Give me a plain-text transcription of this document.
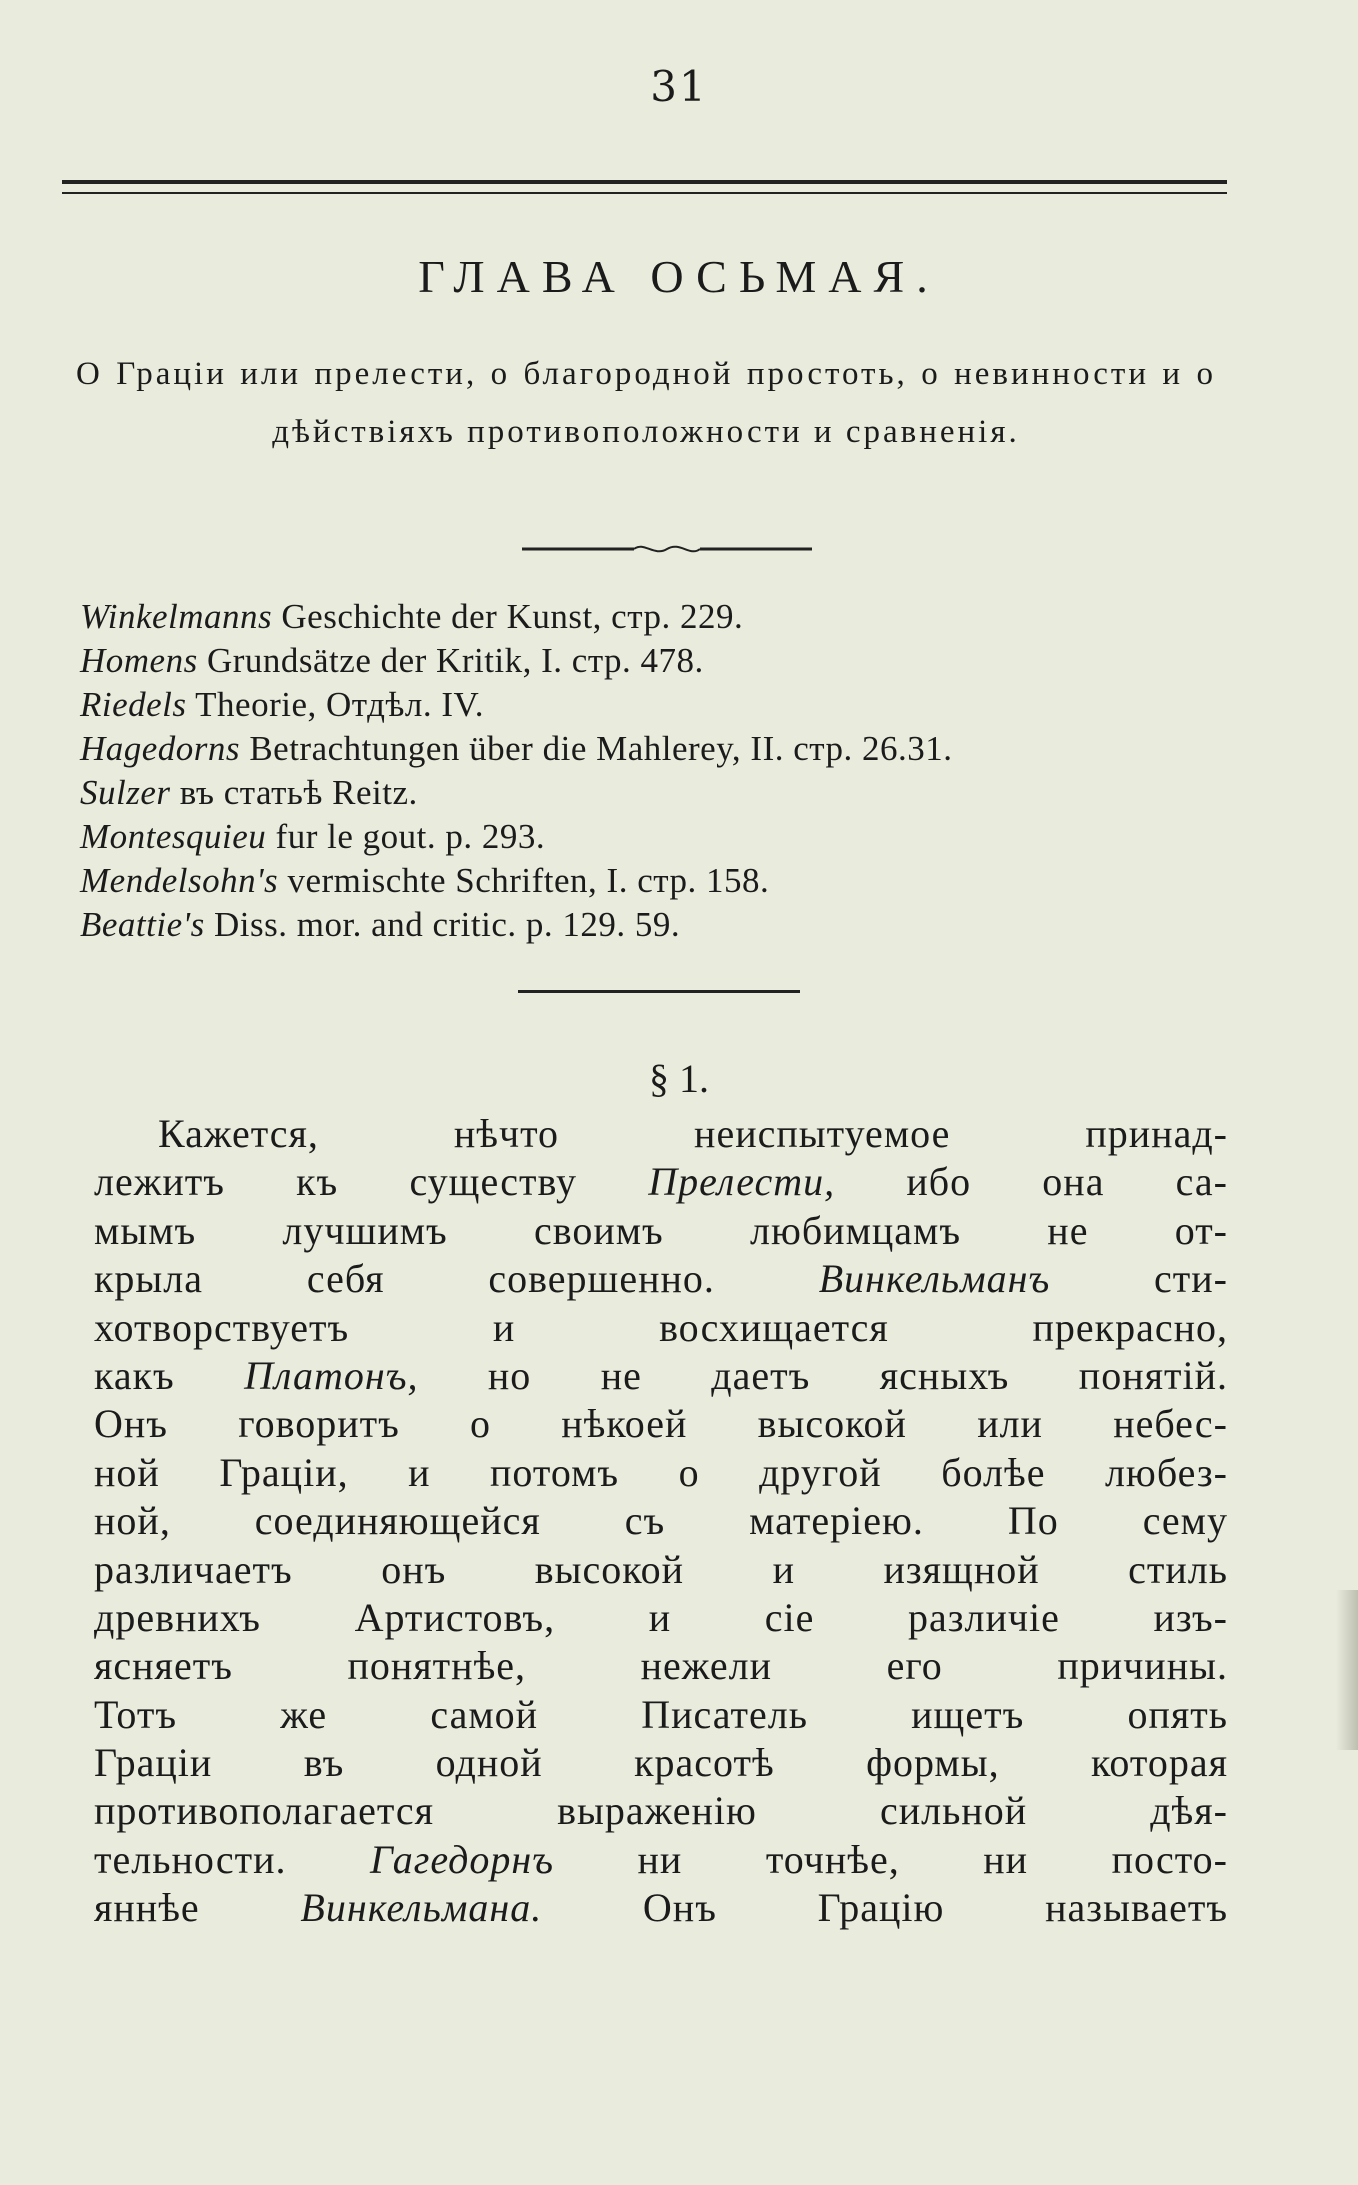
31
ГЛАВА ОСЬМАЯ.
О Граціи или прелести, о благородной простоть, о невинности и о дѣйствіяхъ противоположности и сравненія.
Winkelmanns Geschichte der Kunst, стр. 229.
Homens Grundsätze der Kritik, I. стр. 478.
Riedels Theorie, Отдѣл. IV.
Hagedorns Betrachtungen über die Mahlerey, II. стр. 26.31.
Sulzer въ статьѣ Reitz.
Montesquieu fur le gout. p. 293.
Mendelsohn's vermischte Schriften, I. стр. 158.
Beattie's Diss. mor. and critic. p. 129. 59.
§ 1.
Кажется, нѣчто неиспытуемое принад-
лежитъ къ существу Прелести, ибо она са-
мымъ лучшимъ своимъ любимцамъ не от-
крыла себя совершенно. Винкельманъ сти-
хотворствуетъ и восхищается прекрасно,
какъ Платонъ, но не даетъ ясныхъ понятій.
Онъ говоритъ о нѣкоей высокой или небес-
ной Граціи, и потомъ о другой болѣе любез-
ной, соединяющейся съ матеріею. По сему
различаетъ онъ высокой и изящной стиль
древнихъ Артистовъ, и сіе различіе изъ-
ясняетъ понятнѣе, нежели его причины.
Тотъ же самой Писатель ищетъ опять
Граціи въ одной красотѣ формы, которая
противополагается выраженію сильной дѣя-
тельности. Гагедорнъ ни точнѣе, ни посто-
яннѣе Винкельмана. Онъ Грацію называетъ
